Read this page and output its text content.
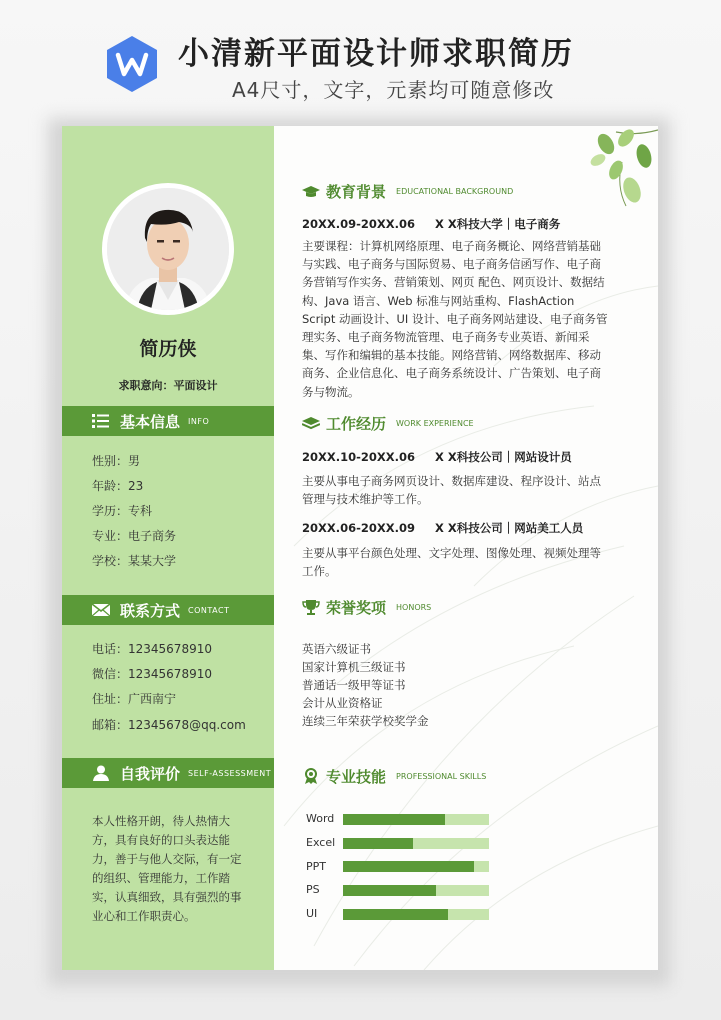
小清新平面设计师求职简历
A4尺寸，文字，元素均可随意修改
简历侠
求职意向：平面设计
基本信息 INFO
性别：男
年龄：23
学历：专科
专业：电子商务
学校：某某大学
联系方式 CONTACT
电话：12345678910
微信：12345678910
住址：广西南宁
邮箱：12345678@qq.com
自我评价 SELF-ASSESSMENT
本人性格开朗，待人热情大方，具有良好的口头表达能力，善于与他人交际，有一定的组织、管理能力，工作踏实，认真细致，具有强烈的事业心和工作职责心。
教育背景 EDUCATIONAL BACKGROUND
20XX.09-20XX.06 X X科技大学｜电子商务
主要课程：计算机网络原理、电子商务概论、网络营销基础与实践、电子商务与国际贸易、电子商务信函写作、电子商务营销写作实务、营销策划、网页 配色、网页设计、数据结构、Java 语言、Web 标准与网站重构、FlashAction Script 动画设计、UI 设计、电子商务网站建设、电子商务管理实务、电子商务物流管理、电子商务专业英语、新闻采集、写作和编辑的基本技能。网络营销、网络数据库、移动商务、企业信息化、电子商务系统设计、广告策划、电子商务与物流。
工作经历 WORK EXPERIENCE
20XX.10-20XX.06 X X科技公司｜网站设计员
主要从事电子商务网页设计、数据库建设、程序设计、站点管理与技术维护等工作。
20XX.06-20XX.09 X X科技公司｜网站美工人员
主要从事平台颜色处理、文字处理、图像处理、视频处理等工作。
荣誉奖项 HONORS
英语六级证书
国家计算机三级证书
普通话一级甲等证书
会计从业资格证
连续三年荣获学校奖学金
专业技能 PROFESSIONAL SKILLS
Word
Excel
PPT
PS
UI
